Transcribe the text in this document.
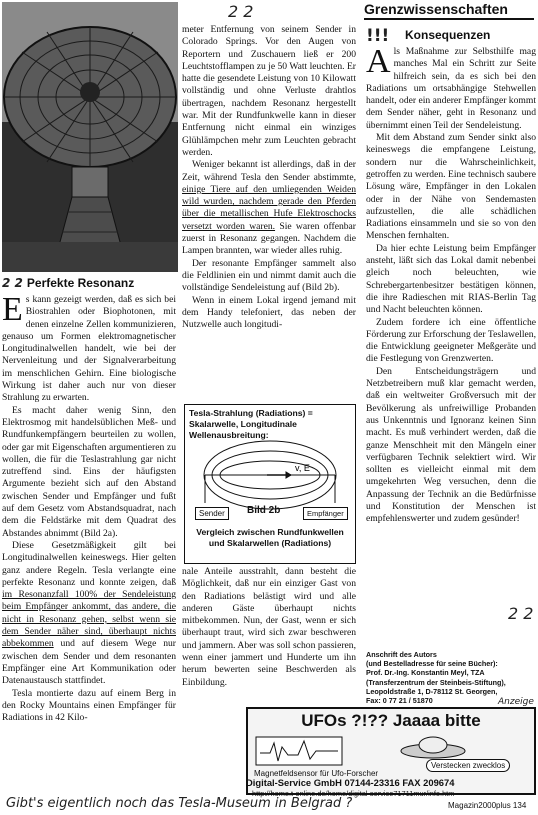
2 2 Perfekte Resonanz

Es kann gezeigt werden, daß es sich bei Biostrahlen oder Biophotonen, mit denen einzelne Zellen kommunizieren, genauso um Formen elektromagnetischer Longitudinalwellen handelt, wie bei der Nervenleitung und der Signalverarbeitung im menschlichen Gehirn. Eine biologische Wirkung ist daher auch nur von dieser Strahlung zu erwarten.

Es macht daher wenig Sinn, den Elektrosmog mit handelsüblichen Meß- und Rundfunkempfängern beurteilen zu wollen, oder gar mit Eigenschaften argumentieren zu wollen, die für die Teslastrahlung gar nicht zutreffend sind. Eins der häufigsten Argumente bezieht sich auf den Abstand zwischen Sender und Empfänger und fußt auf dem Gesetz vom Abstandsquadrat, nach dem die Feldstärke mit dem Quadrat des Abstandes abnimmt (Bild 2a).

Diese Gesetzmäßigkeit gilt bei Longitudinalwellen keineswegs. Hier gelten ganz andere Regeln. Tesla verlangte eine perfekte Resonanz und konnte zeigen, daß im Resonanzfall 100% der Sendeleistung beim Empfänger ankommt, das andere, die nicht in Resonanz gehen, selbst wenn sie dem Sender näher sind, überhaupt nichts abbekommen und auf diesem Wege nur zwischen dem Sender und dem resonanten Empfänger eine Art Kommunikation oder Datenaustausch stattfindet.

Tesla montierte dazu auf einem Berg in den Rocky Mountains einen Empfänger für Radiations in 42 Kilo-

2 2

meter Entfernung von seinem Sender in Colorado Springs. Vor den Augen von Reportern und Zuschauern ließ er 200 Leuchtstofflampen zu je 50 Watt leuchten. Er hatte die gesendete Leistung von 10 Kilowatt vollständig und ohne Verluste drahtlos übertragen, nachdem Resonanz hergestellt war. Mit der Rundfunkwelle kann in dieser Entfernung nicht einmal ein winziges Glühlämpchen mehr zum Leuchten gebracht werden.

Weniger bekannt ist allerdings, daß in der Zeit, während Tesla den Sender abstimmte, einige Tiere auf den umliegenden Weiden wild wurden, nachdem gerade den Pferden über die metallischen Hufe Elektroschocks versetzt worden waren. Sie waren offenbar zuerst in Resonanz gegangen. Nachdem die Lampen brannten, war wieder alles ruhig.

Der resonante Empfänger sammelt also die Feldlinien ein und nimmt damit auch die vollständige Sendeleistung auf (Bild 2b).

Wenn in einem Lokal irgend jemand mit dem Handy telefoniert, das neben der Nutzwelle auch longitudi-

Tesla-Strahlung (Radiations) = Skalarwelle, Longitudinale Wellenausbreitung:
v, E
Sender	Bild 2b	Empfänger
Vergleich zwischen Rundfunkwellen und Skalarwellen (Radiations)

nale Anteile ausstrahlt, dann besteht die Möglichkeit, daß nur ein einziger Gast von den Radiations belästigt wird und alle anderen Gäste überhaupt nichts mitbekommen. Nun, der Gast, wenn er sich überhaupt traut, wird sich zwar beschweren und jammern. Aber was soll schon passieren, wenn einer jammert und Hunderte um ihn herum bewerten seine Beschwerden als Einbildung.

Grenzwissenschaften
!!! Konsequenzen

Als Maßnahme zur Selbsthilfe mag manches Mal ein Schritt zur Seite hilfreich sein, da es sich bei den Radiations um ortsabhängige Stehwellen handelt, oder ein anderer Empfänger kommt dem Sender näher, geht in Resonanz und übernimmt einen Teil der Sendeleistung.

Mit dem Abstand zum Sender sinkt also keineswegs die empfangene Leistung, sondern nur die Wahrscheinlichkeit, getroffen zu werden. Eine technisch saubere Lösung wäre, Empfänger in den Lokalen oder in der Nähe von Sendemasten aufzustellen, die alle schädlichen Radiations einsammeln und sie so von den Menschen fernhalten.

Da hier echte Leistung beim Empfänger ansteht, läßt sich das Lokal damit nebenbei gleich noch beleuchten, wie Schrebergartenbesitzer bestätigen können, die ihre Radieschen mit RIAS-Berlin Tag und Nacht beleuchten können.

Zudem fordere ich eine öffentliche Förderung zur Erforschung der Teslawellen, die Entwicklung geeigneter Meßgeräte und die Festlegung von Grenzwerten.

Den Entscheidungsträgern und Netzbetreibern muß klar gemacht werden, daß ein weltweiter Großversuch mit der Bevölkerung als unfreiwillige Probanden aus Unkenntnis und Ignoranz keinen Sinn macht. Es muß verhindert werden, daß die ganze Menschheit mit den Mängeln einer verfügbaren Technik selektiert wird. Wir sollten es vielleicht einmal mit dem umgekehrten Weg versuchen, denn die Anpassung der Technik an die Bedürfnisse und Konstitution der Menschen ist empfehlenswerter und zudem gesünder!

Anschrift des Autors
(und Bestelladresse für seine Bücher):
Prof. Dr.-Ing. Konstantin Meyl, TZA
(Transferzentrum der Steinbeis-Stiftung),
Leopoldstraße 1, D-78112 St. Georgen,
Fax: 0 77 21 / 51870
2 2
Anzeige
UFOs ?!?? Jaaaa bitte
Magnetfeldsensor für Ufo-Forscher
Verstecken zwecklos
Digital-Service GmbH 07144-23316 FAX 209674
http://home.t-online.de/home/digital-service71711mur/info.htm
Gibt's eigentlich noch das Tesla-Museum in Belgrad ?	Magazin2000plus 134
